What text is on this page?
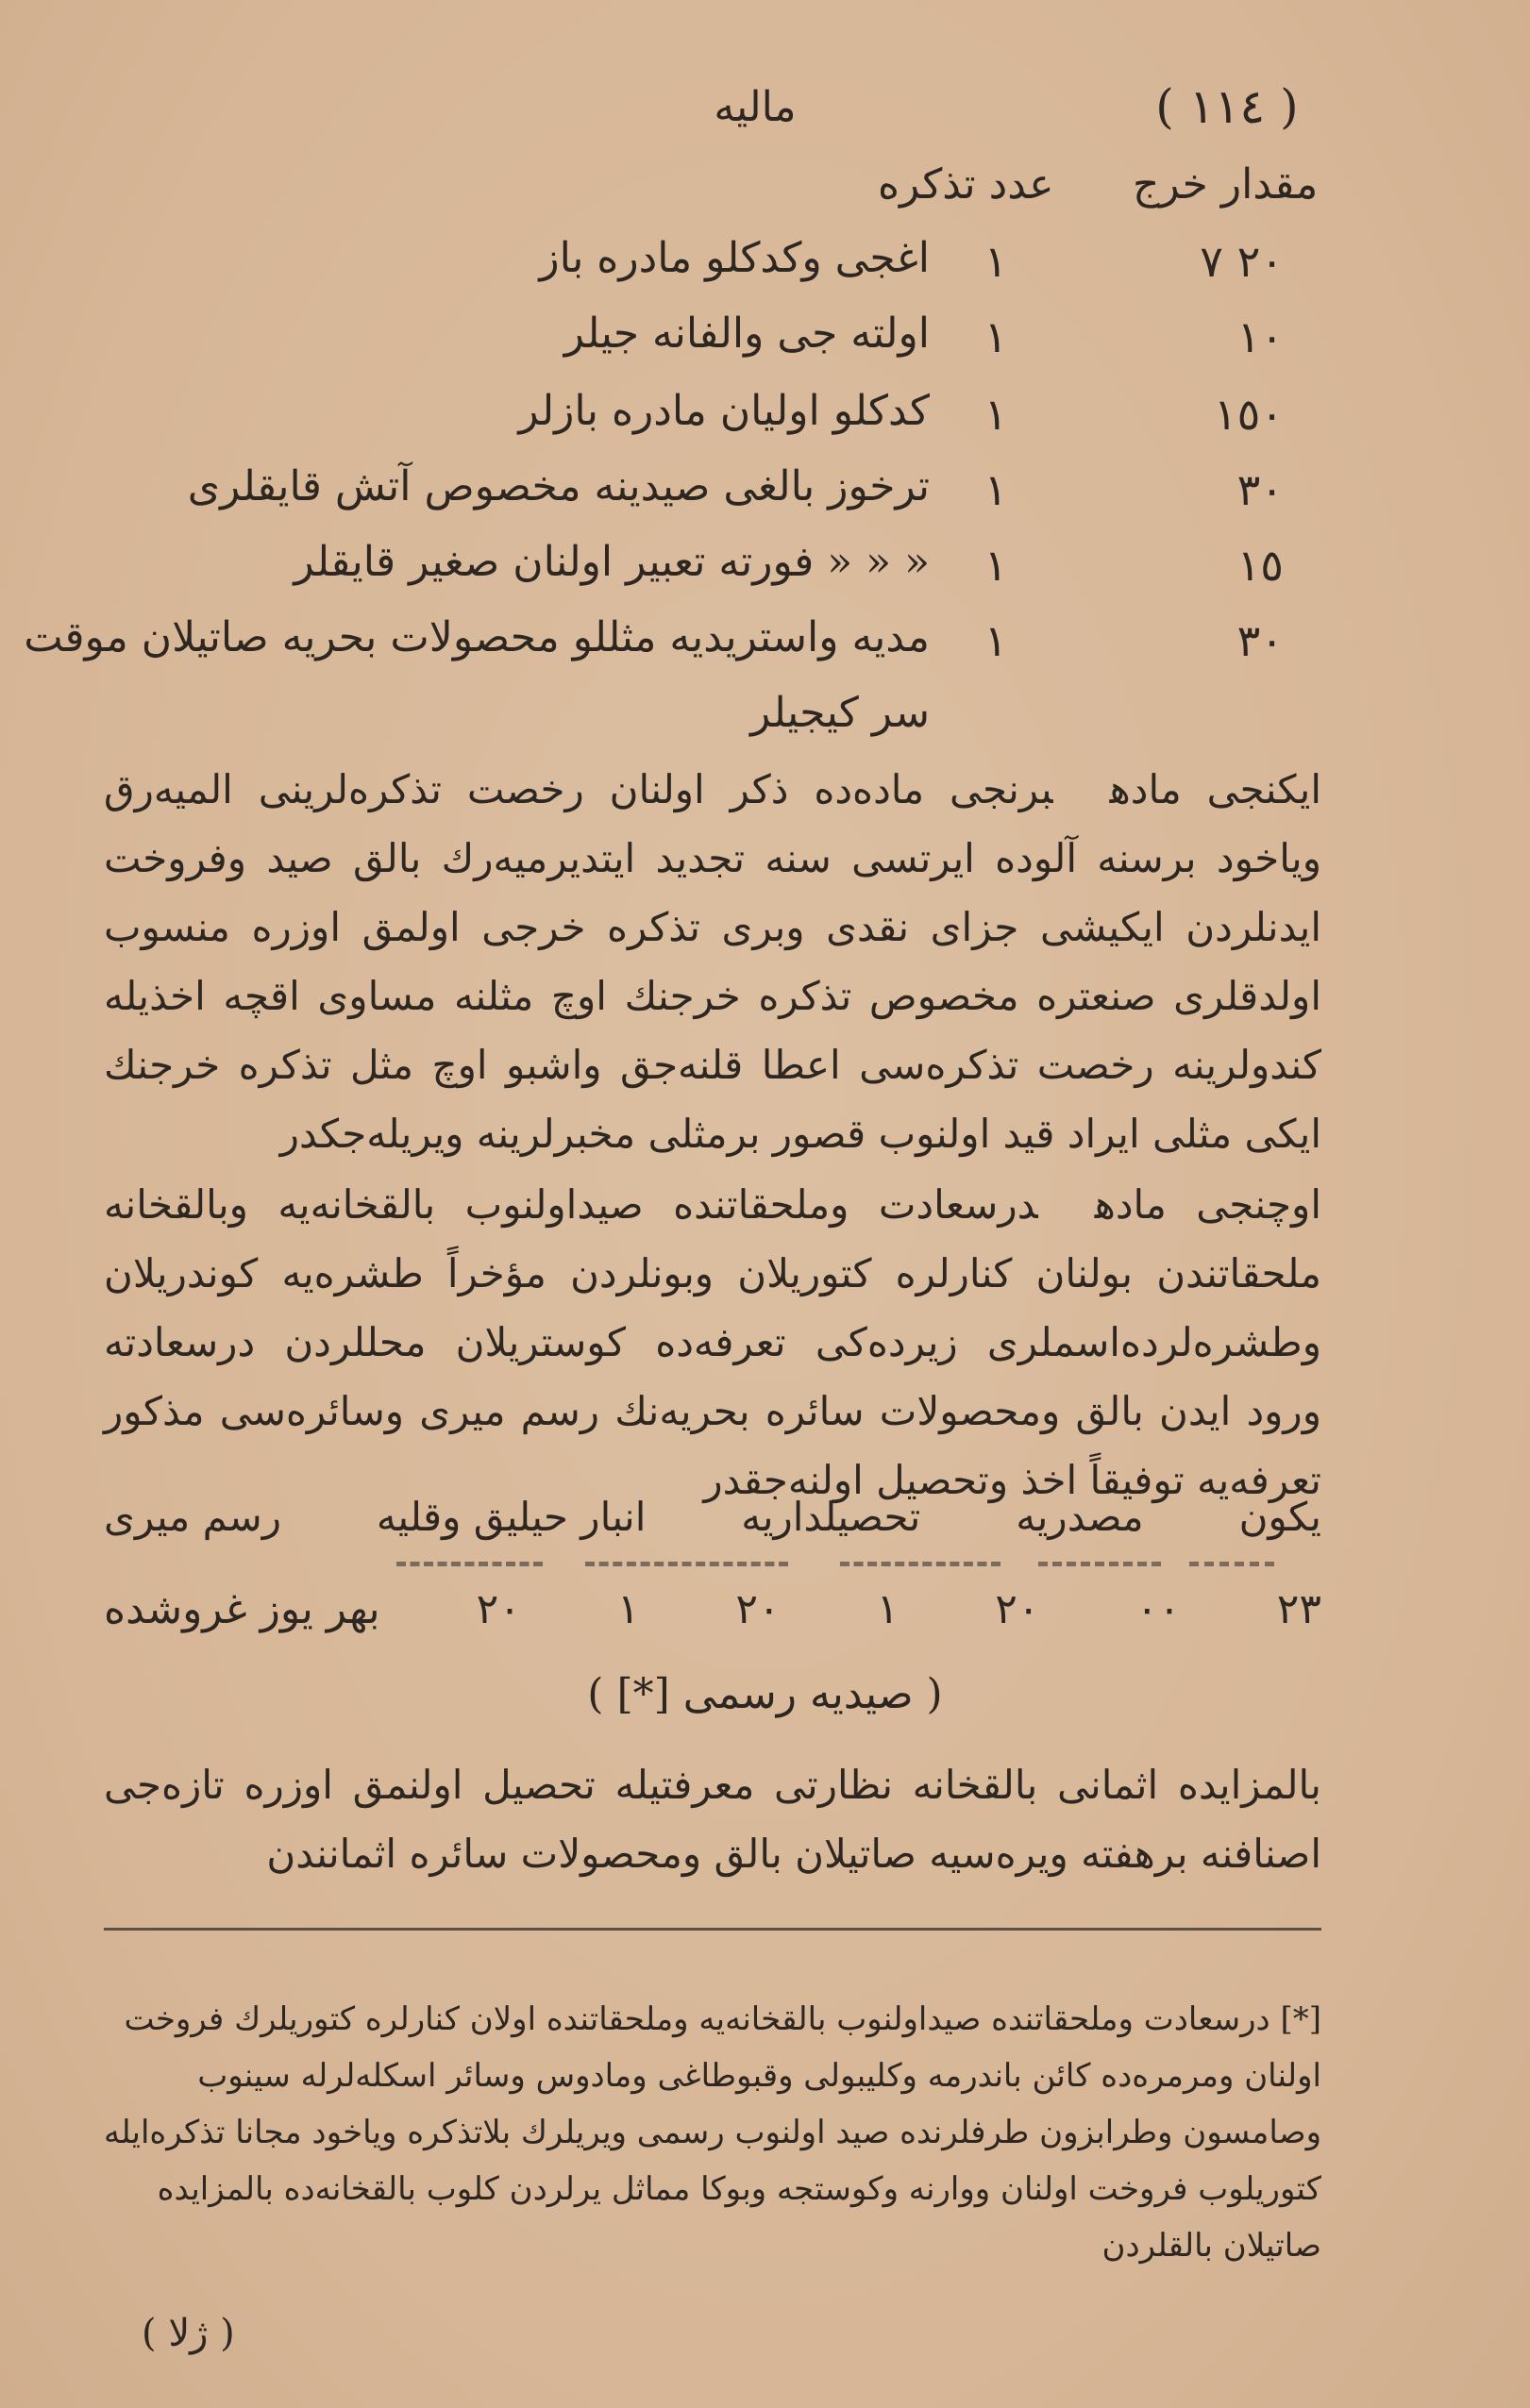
مالیه	( ١١٤ )
مقدار خرج
عدد تذکره
٢٠ ٧
١
اغجی وکدکلو مادره باز
١٠
١
اولته جی والفانه جیلر
١٥٠
١
کدکلو اولیان مادره بازلر
٣٠
١
ترخوز بالغی صیدینه مخصوص آتش قایقلری
١٥
١
« « « فورته تعبیر اولنان صغیر قایقلر
٣٠
١
مدیه واستریدیه مثللو محصولات بحریه صاتیلان موقت
سر کیجیلر
ایکنجی مادهبرنجی ماده‌ده ذکر اولنان رخصت تذکره‌لرینی المیه‌رق ویاخود برسنه آلوده ایرتسی سنه تجدید ایتدیرمیه‌رك بالق صید وفروخت ایدنلردن ایکیشی جزای نقدی وبری تذکره خرجی اولمق اوزره منسوب اولدقلری صنعتره مخصوص تذکره خرجنك اوچ مثلنه مساوی اقچه اخذیله کندولرینه رخصت تذکره‌سی اعطا قلنه‌جق واشبو اوچ مثل تذکره خرجنك ایکی مثلی ایراد قید اولنوب قصور برمثلی مخبرلرینه ویریله‌جکدر
اوچنجی مادهدرسعادت وملحقاتنده صیداولنوب بالقخانه‌یه وبالقخانه ملحقاتندن بولنان کنارلره کتوریلان وبونلردن مؤخراً طشره‌یه کوندریلان وطشره‌لرده‌اسملری زیرده‌کی تعرفه‌ده کوستریلان محللردن درسعادته ورود ایدن بالق ومحصولات سائره بحریه‌نك رسم میری وسائره‌سی مذکور تعرفه‌یه توفیقاً اخذ وتحصیل اولنه‌جقدر
یکون
مصدریه
تحصیلداریه
انبار حیلیق وقلیه
رسم میری
٢٣
٠٠
٢٠
١
٢٠
١
٢٠
بهر یوز غروشده
( صیدیه رسمی [*] )
بالمزایده اثمانی بالقخانه نظارتی معرفتیله تحصیل اولنمق اوزره تازه‌جی اصنافنه برهفته ویره‌سیه صاتیلان بالق ومحصولات سائره اثمانندن
[*] درسعادت وملحقاتنده صیداولنوب بالقخانه‌یه وملحقاتنده اولان کنارلره کتوریلرك فروخت اولنان ومرمره‌ده کائن باندرمه وکلیبولی وقبوطاغی ومادوس وسائر اسکله‌لرله سینوب وصامسون وطرابزون طرفلرنده صید اولنوب رسمی ویریلرك بلاتذکره ویاخود مجانا تذکره‌ایله کتوریلوب فروخت اولنان ووارنه وکوستجه وبوکا مماثل یرلردن کلوب بالقخانه‌ده بالمزایده صاتیلان بالقلردن
( ژلا )
